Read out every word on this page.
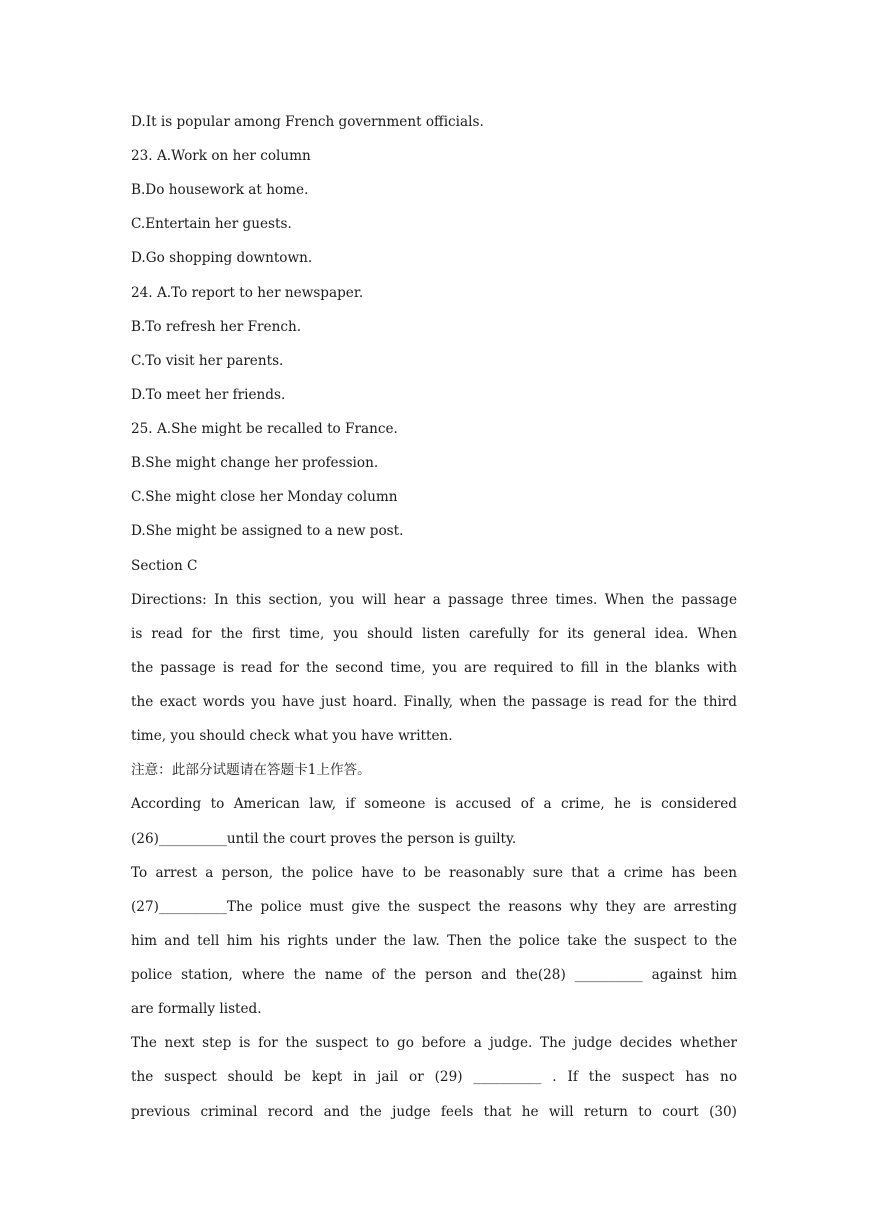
D.It is popular among French government officials.

23. A.Work on her column

B.Do housework at home.

C.Entertain her guests.

D.Go shopping downtown.

24. A.To report to her newspaper.

B.To refresh her French.

C.To visit her parents.

D.To meet her friends.

25. A.She might be recalled to France.

B.She might change her profession.

C.She might close her Monday column

D.She might be assigned to a new post.

Section C

Directions: In this section, you will hear a passage three times. When the passage

is read for the first time, you should listen carefully for its general idea. When

the passage is read for the second time, you are required to fill in the blanks with

the exact words you have just hoard. Finally, when the passage is read for the third

time, you should check what you have written.

注意：此部分试题请在答题卡1上作答。

According to American law, if someone is accused of a crime, he is considered

(26)__________until the court proves the person is guilty.

To arrest a person, the police have to be reasonably sure that a crime has been

(27)__________The police must give the suspect the reasons why they are arresting

him and tell him his rights under the law. Then the police take the suspect to the

police station, where the name of the person and the(28) __________ against him

are formally listed.

The next step is for the suspect to go before a judge. The judge decides whether

the suspect should be kept in jail or (29) __________ . If the suspect has no

previous criminal record and the judge feels that he will return to court (30)
